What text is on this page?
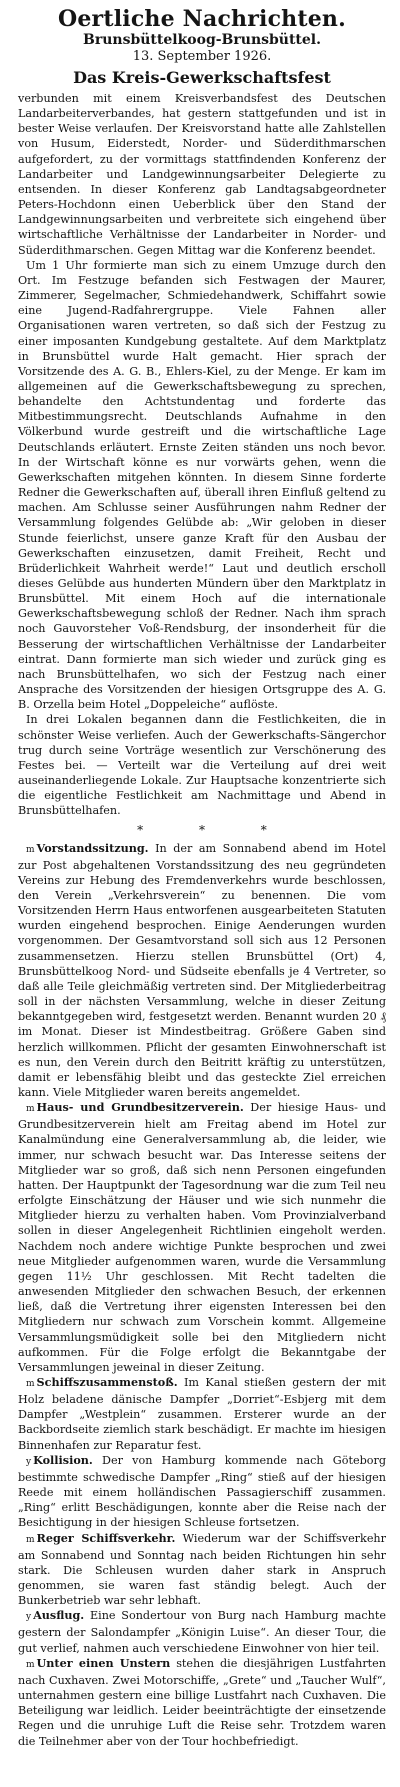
Oertliche Nachrichten.
Brunsbüttelkoog-Brunsbüttel.
13. September 1926.
Das Kreis-Gewerkschaftsfest

verbunden mit einem Kreisverbandsfest des Deutschen Landarbeiterverbandes, hat gestern stattgefunden und ist in bester Weise verlaufen. Der Kreisvorstand hatte alle Zahlstellen von Husum, Eiderstedt, Norder- und Süderdithmarschen aufgefordert, zu der vormittags stattfindenden Konferenz der Landarbeiter und Landgewinnungsarbeiter Delegierte zu entsenden. In dieser Konferenz gab Landtagsabgeordneter Peters-Hochdonn einen Ueberblick über den Stand der Landgewinnungsarbeiten und verbreitete sich eingehend über wirtschaftliche Verhältnisse der Landarbeiter in Norder- und Süderdithmarschen. Gegen Mittag war die Konferenz beendet.

Um 1 Uhr formierte man sich zu einem Umzuge durch den Ort. Im Festzuge befanden sich Festwagen der Maurer, Zimmerer, Segelmacher, Schmiedehandwerk, Schiffahrt sowie eine Jugend-Radfahrergruppe. Viele Fahnen aller Organisationen waren vertreten, so daß sich der Festzug zu einer imposanten Kundgebung gestaltete. Auf dem Marktplatz in Brunsbüttel wurde Halt gemacht. Hier sprach der Vorsitzende des A. G. B., Ehlers-Kiel, zu der Menge. Er kam im allgemeinen auf die Gewerkschaftsbewegung zu sprechen, behandelte den Achtstundentag und forderte das Mitbestimmungsrecht. Deutschlands Aufnahme in den Völkerbund wurde gestreift und die wirtschaftliche Lage Deutschlands erläutert. Ernste Zeiten ständen uns noch bevor. In der Wirtschaft könne es nur vorwärts gehen, wenn die Gewerkschaften mitgehen könnten. In diesem Sinne forderte Redner die Gewerkschaften auf, überall ihren Einfluß geltend zu machen. Am Schlusse seiner Ausführungen nahm Redner der Versammlung folgendes Gelübde ab: „Wir geloben in dieser Stunde feierlichst, unsere ganze Kraft für den Ausbau der Gewerkschaften einzusetzen, damit Freiheit, Recht und Brüderlichkeit Wahrheit werde!“ Laut und deutlich erscholl dieses Gelübde aus hunderten Mündern über den Marktplatz in Brunsbüttel. Mit einem Hoch auf die internationale Gewerkschaftsbewegung schloß der Redner. Nach ihm sprach noch Gauvorsteher Voß-Rendsburg, der insonderheit für die Besserung der wirtschaftlichen Verhältnisse der Landarbeiter eintrat. Dann formierte man sich wieder und zurück ging es nach Brunsbüttelhafen, wo sich der Festzug nach einer Ansprache des Vorsitzenden der hiesigen Ortsgruppe des A. G. B. Orzella beim Hotel „Doppeleiche“ auflöste.

In drei Lokalen begannen dann die Festlichkeiten, die in schönster Weise verliefen. Auch der Gewerkschafts-Sängerchor trug durch seine Vorträge wesentlich zur Verschönerung des Festes bei. — Verteilt war die Verteilung auf drei weit auseinanderliegende Lokale. Zur Hauptsache konzentrierte sich die eigentliche Festlichkeit am Nachmittage und Abend in Brunsbüttelhafen.

* * *

m Vorstandssitzung. In der am Sonnabend abend im Hotel zur Post abgehaltenen Vorstandssitzung des neu gegründeten Vereins zur Hebung des Fremdenverkehrs wurde beschlossen, den Verein „Verkehrsverein“ zu benennen. Die vom Vorsitzenden Herrn Haus entworfenen ausgearbeiteten Statuten wurden eingehend besprochen. Einige Aenderungen wurden vorgenommen. Der Gesamtvorstand soll sich aus 12 Personen zusammensetzen. Hierzu stellen Brunsbüttel (Ort) 4, Brunsbüttelkoog Nord- und Südseite ebenfalls je 4 Vertreter, so daß alle Teile gleichmäßig vertreten sind. Der Mitgliederbeitrag soll in der nächsten Versammlung, welche in dieser Zeitung bekanntgegeben wird, festgesetzt werden. Benannt wurden 20 ₰ im Monat. Dieser ist Mindestbeitrag. Größere Gaben sind herzlich willkommen. Pflicht der gesamten Einwohnerschaft ist es nun, den Verein durch den Beitritt kräftig zu unterstützen, damit er lebensfähig bleibt und das gesteckte Ziel erreichen kann. Viele Mitglieder waren bereits angemeldet.

m Haus- und Grundbesitzerverein. Der hiesige Haus- und Grundbesitzerverein hielt am Freitag abend im Hotel zur Kanalmündung eine Generalversammlung ab, die leider, wie immer, nur schwach besucht war. Das Interesse seitens der Mitglieder war so groß, daß sich nenn Personen eingefunden hatten. Der Hauptpunkt der Tagesordnung war die zum Teil neu erfolgte Einschätzung der Häuser und wie sich nunmehr die Mitglieder hierzu zu verhalten haben. Vom Provinzialverband sollen in dieser Angelegenheit Richtlinien eingeholt werden. Nachdem noch andere wichtige Punkte besprochen und zwei neue Mitglieder aufgenommen waren, wurde die Versammlung gegen 11½ Uhr geschlossen. Mit Recht tadelten die anwesenden Mitglieder den schwachen Besuch, der erkennen ließ, daß die Vertretung ihrer eigensten Interessen bei den Mitgliedern nur schwach zum Vorschein kommt. Allgemeine Versammlungsmüdigkeit solle bei den Mitgliedern nicht aufkommen. Für die Folge erfolgt die Bekanntgabe der Versammlungen jeweinal in dieser Zeitung.

m Schiffszusammenstoß. Im Kanal stießen gestern der mit Holz beladene dänische Dampfer „Dorriet“-Esbjerg mit dem Dampfer „Westplein“ zusammen. Ersterer wurde an der Backbordseite ziemlich stark beschädigt. Er machte im hiesigen Binnenhafen zur Reparatur fest.

y Kollision. Der von Hamburg kommende nach Göteborg bestimmte schwedische Dampfer „Ring“ stieß auf der hiesigen Reede mit einem holländischen Passagierschiff zusammen. „Ring“ erlitt Beschädigungen, konnte aber die Reise nach der Besichtigung in der hiesigen Schleuse fortsetzen.

m Reger Schiffsverkehr. Wiederum war der Schiffsverkehr am Sonnabend und Sonntag nach beiden Richtungen hin sehr stark. Die Schleusen wurden daher stark in Anspruch genommen, sie waren fast ständig belegt. Auch der Bunkerbetrieb war sehr lebhaft.

y Ausflug. Eine Sondertour von Burg nach Hamburg machte gestern der Salondampfer „Königin Luise“. An dieser Tour, die gut verlief, nahmen auch verschiedene Einwohner von hier teil.

m Unter einen Unstern stehen die diesjährigen Lustfahrten nach Cuxhaven. Zwei Motorschiffe, „Grete“ und „Taucher Wulf“, unternahmen gestern eine billige Lustfahrt nach Cuxhaven. Die Beteiligung war leidlich. Leider beeinträchtigte der einsetzende Regen und die unruhige Luft die Reise sehr. Trotzdem waren die Teilnehmer aber von der Tour hochbefriedigt.
